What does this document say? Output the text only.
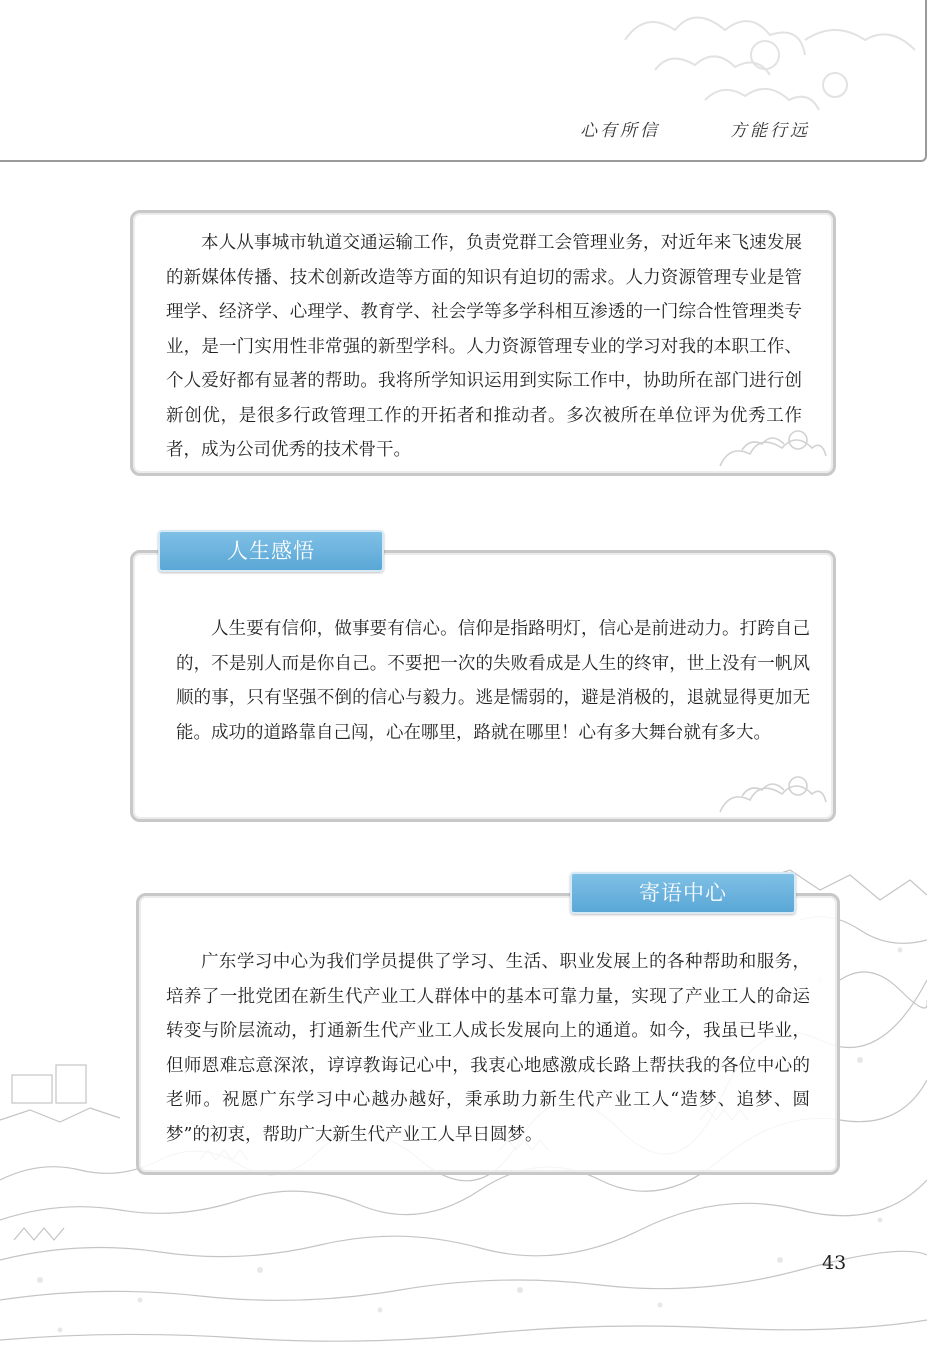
心有所信	方能行远

本人从事城市轨道交通运输工作，负责党群工会管理业务，对近年来飞速发展的新媒体传播、技术创新改造等方面的知识有迫切的需求。人力资源管理专业是管理学、经济学、心理学、教育学、社会学等多学科相互渗透的一门综合性管理类专业，是一门实用性非常强的新型学科。人力资源管理专业的学习对我的本职工作、个人爱好都有显著的帮助。我将所学知识运用到实际工作中，协助所在部门进行创新创优，是很多行政管理工作的开拓者和推动者。多次被所在单位评为优秀工作者，成为公司优秀的技术骨干。

人生感悟

人生要有信仰，做事要有信心。信仰是指路明灯，信心是前进动力。打跨自己的，不是别人而是你自己。不要把一次的失败看成是人生的终审，世上没有一帆风顺的事，只有坚强不倒的信心与毅力。逃是懦弱的，避是消极的，退就显得更加无能。成功的道路靠自己闯，心在哪里，路就在哪里！心有多大舞台就有多大。

寄语中心

广东学习中心为我们学员提供了学习、生活、职业发展上的各种帮助和服务，培养了一批党团在新生代产业工人群体中的基本可靠力量，实现了产业工人的命运转变与阶层流动，打通新生代产业工人成长发展向上的通道。如今，我虽已毕业，但师恩难忘意深浓，谆谆教诲记心中，我衷心地感激成长路上帮扶我的各位中心的老师。祝愿广东学习中心越办越好，秉承助力新生代产业工人“造梦、追梦、圆梦”的初衷，帮助广大新生代产业工人早日圆梦。

43
